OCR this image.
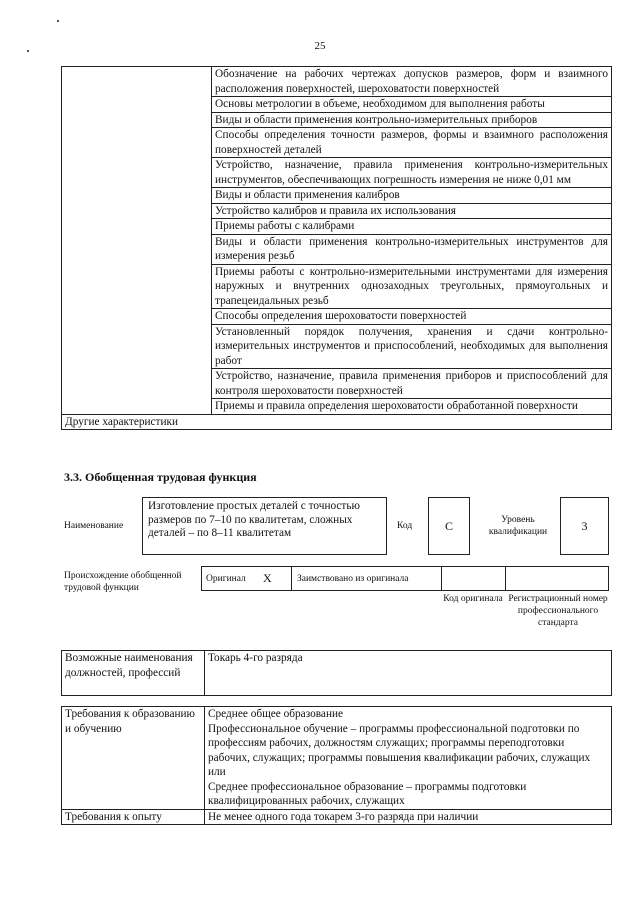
25
	Обозначение на рабочих чертежах допусков размеров, форм и взаимного расположения поверхностей, шероховатости поверхностей
Основы метрологии в объеме, необходимом для выполнения работы
Виды и области применения контрольно-измерительных приборов
Способы определения точности размеров, формы и взаимного расположения поверхностей деталей
Устройство, назначение, правила применения контрольно-измерительных инструментов, обеспечивающих погрешность измерения не ниже 0,01 мм
Виды и области применения калибров
Устройство калибров и правила их использования
Приемы работы с калибрами
Виды и области применения контрольно-измерительных инструментов для измерения резьб
Приемы работы с контрольно-измерительными инструментами для измерения наружных и внутренних однозаходных треугольных, прямоугольных и трапецеидальных резьб
Способы определения шероховатости поверхностей
Установленный порядок получения, хранения и сдачи контрольно-измерительных инструментов и приспособлений, необходимых для выполнения работ
Устройство, назначение, правила применения приборов и приспособлений для контроля шероховатости поверхностей
Приемы и правила определения шероховатости обработанной поверхности
Другие характеристики
3.3. Обобщенная трудовая функция
Наименование
Изготовление простых деталей с точностью размеров по 7–10 по квалитетам, сложных деталей – по 8–11 квалитетам
Код	C	Уровень квалификации	3
Происхождение обобщенной трудовой функции
Оригинал X	Заимствовано из оригинала
Код оригинала Регистрационный номер профессионального стандарта
Возможные наименования должностей, профессий	Токарь 4-го разряда
Требования к образованию и обучению	Среднее общее образование
Профессиональное обучение – программы профессиональной подготовки по профессиям рабочих, должностям служащих; программы переподготовки рабочих, служащих; программы повышения квалификации рабочих, служащих
или
Среднее профессиональное образование – программы подготовки квалифицированных рабочих, служащих

Требования к опыту	Не менее одного года токарем 3-го разряда при наличии
